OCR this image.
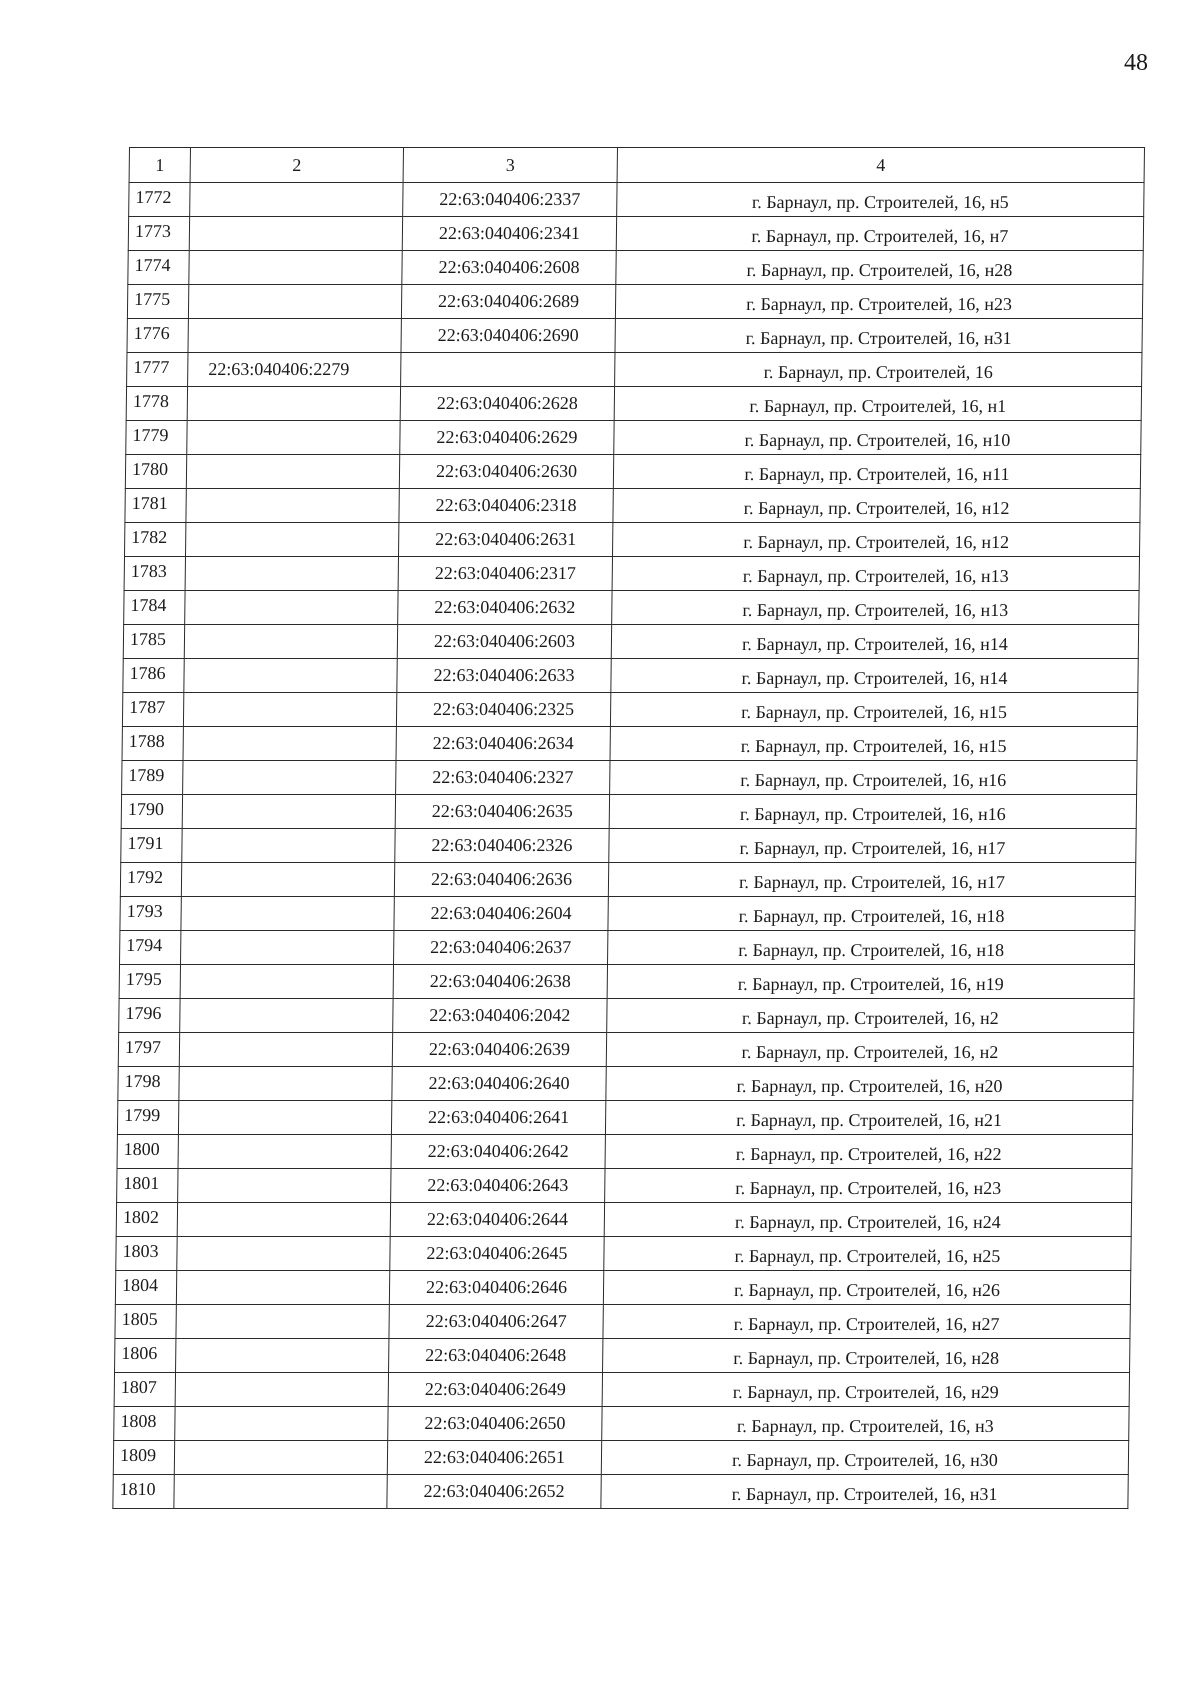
48
1	2	3	4
1772		22:63:040406:2337	г. Барнаул, пр. Строителей, 16, н5
1773		22:63:040406:2341	г. Барнаул, пр. Строителей, 16, н7
1774		22:63:040406:2608	г. Барнаул, пр. Строителей, 16, н28
1775		22:63:040406:2689	г. Барнаул, пр. Строителей, 16, н23
1776		22:63:040406:2690	г. Барнаул, пр. Строителей, 16, н31
1777	22:63:040406:2279		г. Барнаул, пр. Строителей, 16
1778		22:63:040406:2628	г. Барнаул, пр. Строителей, 16, н1
1779		22:63:040406:2629	г. Барнаул, пр. Строителей, 16, н10
1780		22:63:040406:2630	г. Барнаул, пр. Строителей, 16, н11
1781		22:63:040406:2318	г. Барнаул, пр. Строителей, 16, н12
1782		22:63:040406:2631	г. Барнаул, пр. Строителей, 16, н12
1783		22:63:040406:2317	г. Барнаул, пр. Строителей, 16, н13
1784		22:63:040406:2632	г. Барнаул, пр. Строителей, 16, н13
1785		22:63:040406:2603	г. Барнаул, пр. Строителей, 16, н14
1786		22:63:040406:2633	г. Барнаул, пр. Строителей, 16, н14
1787		22:63:040406:2325	г. Барнаул, пр. Строителей, 16, н15
1788		22:63:040406:2634	г. Барнаул, пр. Строителей, 16, н15
1789		22:63:040406:2327	г. Барнаул, пр. Строителей, 16, н16
1790		22:63:040406:2635	г. Барнаул, пр. Строителей, 16, н16
1791		22:63:040406:2326	г. Барнаул, пр. Строителей, 16, н17
1792		22:63:040406:2636	г. Барнаул, пр. Строителей, 16, н17
1793		22:63:040406:2604	г. Барнаул, пр. Строителей, 16, н18
1794		22:63:040406:2637	г. Барнаул, пр. Строителей, 16, н18
1795		22:63:040406:2638	г. Барнаул, пр. Строителей, 16, н19
1796		22:63:040406:2042	г. Барнаул, пр. Строителей, 16, н2
1797		22:63:040406:2639	г. Барнаул, пр. Строителей, 16, н2
1798		22:63:040406:2640	г. Барнаул, пр. Строителей, 16, н20
1799		22:63:040406:2641	г. Барнаул, пр. Строителей, 16, н21
1800		22:63:040406:2642	г. Барнаул, пр. Строителей, 16, н22
1801		22:63:040406:2643	г. Барнаул, пр. Строителей, 16, н23
1802		22:63:040406:2644	г. Барнаул, пр. Строителей, 16, н24
1803		22:63:040406:2645	г. Барнаул, пр. Строителей, 16, н25
1804		22:63:040406:2646	г. Барнаул, пр. Строителей, 16, н26
1805		22:63:040406:2647	г. Барнаул, пр. Строителей, 16, н27
1806		22:63:040406:2648	г. Барнаул, пр. Строителей, 16, н28
1807		22:63:040406:2649	г. Барнаул, пр. Строителей, 16, н29
1808		22:63:040406:2650	г. Барнаул, пр. Строителей, 16, н3
1809		22:63:040406:2651	г. Барнаул, пр. Строителей, 16, н30
1810		22:63:040406:2652	г. Барнаул, пр. Строителей, 16, н31
